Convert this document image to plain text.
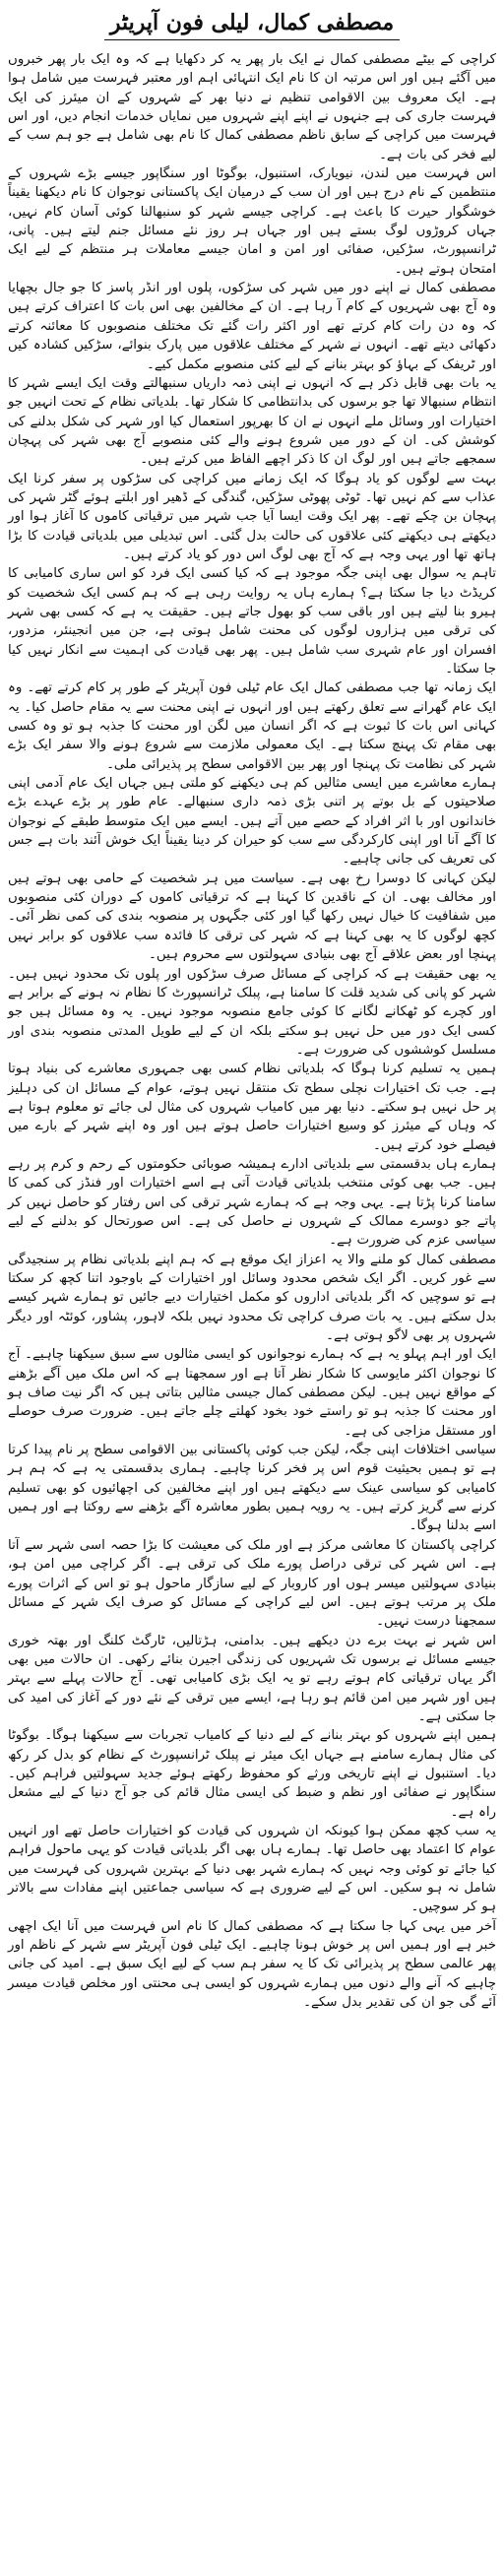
مصطفی کمال، لیلی فون آپریٹر

کراچی کے بیٹے مصطفی کمال نے ایک بار پھر یہ کر دکھایا ہے کہ وہ ایک بار پھر خبروں میں آگئے ہیں اور اس مرتبہ ان کا نام ایک انتہائی اہم اور معتبر فہرست میں شامل ہوا ہے۔ ایک معروف بین الاقوامی تنظیم نے دنیا بھر کے شہروں کے ان میئرز کی ایک فہرست جاری کی ہے جنہوں نے اپنے اپنے شہروں میں نمایاں خدمات انجام دیں، اور اس فہرست میں کراچی کے سابق ناظم مصطفی کمال کا نام بھی شامل ہے جو ہم سب کے لیے فخر کی بات ہے۔

اس فہرست میں لندن، نیویارک، استنبول، بوگوٹا اور سنگاپور جیسے بڑے شہروں کے منتظمین کے نام درج ہیں اور ان سب کے درمیان ایک پاکستانی نوجوان کا نام دیکھنا یقیناً خوشگوار حیرت کا باعث ہے۔ کراچی جیسے شہر کو سنبھالنا کوئی آسان کام نہیں، جہاں کروڑوں لوگ بستے ہیں اور جہاں ہر روز نئے مسائل جنم لیتے ہیں۔ پانی، ٹرانسپورٹ، سڑکیں، صفائی اور امن و امان جیسے معاملات ہر منتظم کے لیے ایک امتحان ہوتے ہیں۔

مصطفی کمال نے اپنے دور میں شہر کی سڑکوں، پلوں اور انڈر پاسز کا جو جال بچھایا وہ آج بھی شہریوں کے کام آ رہا ہے۔ ان کے مخالفین بھی اس بات کا اعتراف کرتے ہیں کہ وہ دن رات کام کرتے تھے اور اکثر رات گئے تک مختلف منصوبوں کا معائنہ کرتے دکھائی دیتے تھے۔ انہوں نے شہر کے مختلف علاقوں میں پارک بنوائے، سڑکیں کشادہ کیں اور ٹریفک کے بہاؤ کو بہتر بنانے کے لیے کئی منصوبے مکمل کیے۔

یہ بات بھی قابل ذکر ہے کہ انہوں نے اپنی ذمہ داریاں سنبھالتے وقت ایک ایسے شہر کا انتظام سنبھالا تھا جو برسوں کی بدانتظامی کا شکار تھا۔ بلدیاتی نظام کے تحت انہیں جو اختیارات اور وسائل ملے انہوں نے ان کا بھرپور استعمال کیا اور شہر کی شکل بدلنے کی کوشش کی۔ ان کے دور میں شروع ہونے والے کئی منصوبے آج بھی شہر کی پہچان سمجھے جاتے ہیں اور لوگ ان کا ذکر اچھے الفاظ میں کرتے ہیں۔

بہت سے لوگوں کو یاد ہوگا کہ ایک زمانے میں کراچی کی سڑکوں پر سفر کرنا ایک عذاب سے کم نہیں تھا۔ ٹوٹی پھوٹی سڑکیں، گندگی کے ڈھیر اور ابلتے ہوئے گٹر شہر کی پہچان بن چکے تھے۔ پھر ایک وقت ایسا آیا جب شہر میں ترقیاتی کاموں کا آغاز ہوا اور دیکھتے ہی دیکھتے کئی علاقوں کی حالت بدل گئی۔ اس تبدیلی میں بلدیاتی قیادت کا بڑا ہاتھ تھا اور یہی وجہ ہے کہ آج بھی لوگ اس دور کو یاد کرتے ہیں۔

تاہم یہ سوال بھی اپنی جگہ موجود ہے کہ کیا کسی ایک فرد کو اس ساری کامیابی کا کریڈٹ دیا جا سکتا ہے؟ ہمارے ہاں یہ روایت رہی ہے کہ ہم کسی ایک شخصیت کو ہیرو بنا لیتے ہیں اور باقی سب کو بھول جاتے ہیں۔ حقیقت یہ ہے کہ کسی بھی شہر کی ترقی میں ہزاروں لوگوں کی محنت شامل ہوتی ہے، جن میں انجینئر، مزدور، افسران اور عام شہری سب شامل ہیں۔ پھر بھی قیادت کی اہمیت سے انکار نہیں کیا جا سکتا۔

ایک زمانہ تھا جب مصطفی کمال ایک عام ٹیلی فون آپریٹر کے طور پر کام کرتے تھے۔ وہ ایک عام گھرانے سے تعلق رکھتے ہیں اور انہوں نے اپنی محنت سے یہ مقام حاصل کیا۔ یہ کہانی اس بات کا ثبوت ہے کہ اگر انسان میں لگن اور محنت کا جذبہ ہو تو وہ کسی بھی مقام تک پہنچ سکتا ہے۔ ایک معمولی ملازمت سے شروع ہونے والا سفر ایک بڑے شہر کی نظامت تک پہنچا اور پھر بین الاقوامی سطح پر پذیرائی ملی۔

ہمارے معاشرے میں ایسی مثالیں کم ہی دیکھنے کو ملتی ہیں جہاں ایک عام آدمی اپنی صلاحیتوں کے بل بوتے پر اتنی بڑی ذمہ داری سنبھالے۔ عام طور پر بڑے عہدے بڑے خاندانوں اور با اثر افراد کے حصے میں آتے ہیں۔ ایسے میں ایک متوسط طبقے کے نوجوان کا آگے آنا اور اپنی کارکردگی سے سب کو حیران کر دینا یقیناً ایک خوش آئند بات ہے جس کی تعریف کی جانی چاہیے۔

لیکن کہانی کا دوسرا رخ بھی ہے۔ سیاست میں ہر شخصیت کے حامی بھی ہوتے ہیں اور مخالف بھی۔ ان کے ناقدین کا کہنا ہے کہ ترقیاتی کاموں کے دوران کئی منصوبوں میں شفافیت کا خیال نہیں رکھا گیا اور کئی جگہوں پر منصوبہ بندی کی کمی نظر آئی۔ کچھ لوگوں کا یہ بھی کہنا ہے کہ شہر کی ترقی کا فائدہ سب علاقوں کو برابر نہیں پہنچا اور بعض علاقے آج بھی بنیادی سہولتوں سے محروم ہیں۔

یہ بھی حقیقت ہے کہ کراچی کے مسائل صرف سڑکوں اور پلوں تک محدود نہیں ہیں۔ شہر کو پانی کی شدید قلت کا سامنا ہے، پبلک ٹرانسپورٹ کا نظام نہ ہونے کے برابر ہے اور کچرے کو ٹھکانے لگانے کا کوئی جامع منصوبہ موجود نہیں۔ یہ وہ مسائل ہیں جو کسی ایک دور میں حل نہیں ہو سکتے بلکہ ان کے لیے طویل المدتی منصوبہ بندی اور مسلسل کوششوں کی ضرورت ہے۔

ہمیں یہ تسلیم کرنا ہوگا کہ بلدیاتی نظام کسی بھی جمہوری معاشرے کی بنیاد ہوتا ہے۔ جب تک اختیارات نچلی سطح تک منتقل نہیں ہوتے، عوام کے مسائل ان کی دہلیز پر حل نہیں ہو سکتے۔ دنیا بھر میں کامیاب شہروں کی مثال لی جائے تو معلوم ہوتا ہے کہ وہاں کے میئرز کو وسیع اختیارات حاصل ہوتے ہیں اور وہ اپنے شہر کے بارے میں فیصلے خود کرتے ہیں۔

ہمارے ہاں بدقسمتی سے بلدیاتی ادارے ہمیشہ صوبائی حکومتوں کے رحم و کرم پر رہے ہیں۔ جب بھی کوئی منتخب بلدیاتی قیادت آتی ہے اسے اختیارات اور فنڈز کی کمی کا سامنا کرنا پڑتا ہے۔ یہی وجہ ہے کہ ہمارے شہر ترقی کی اس رفتار کو حاصل نہیں کر پاتے جو دوسرے ممالک کے شہروں نے حاصل کی ہے۔ اس صورتحال کو بدلنے کے لیے سیاسی عزم کی ضرورت ہے۔

مصطفی کمال کو ملنے والا یہ اعزاز ایک موقع ہے کہ ہم اپنے بلدیاتی نظام پر سنجیدگی سے غور کریں۔ اگر ایک شخص محدود وسائل اور اختیارات کے باوجود اتنا کچھ کر سکتا ہے تو سوچیں کہ اگر بلدیاتی اداروں کو مکمل اختیارات دیے جائیں تو ہمارے شہر کیسے بدل سکتے ہیں۔ یہ بات صرف کراچی تک محدود نہیں بلکہ لاہور، پشاور، کوئٹہ اور دیگر شہروں پر بھی لاگو ہوتی ہے۔

ایک اور اہم پہلو یہ ہے کہ ہمارے نوجوانوں کو ایسی مثالوں سے سبق سیکھنا چاہیے۔ آج کا نوجوان اکثر مایوسی کا شکار نظر آتا ہے اور سمجھتا ہے کہ اس ملک میں آگے بڑھنے کے مواقع نہیں ہیں۔ لیکن مصطفی کمال جیسی مثالیں بتاتی ہیں کہ اگر نیت صاف ہو اور محنت کا جذبہ ہو تو راستے خود بخود کھلتے چلے جاتے ہیں۔ ضرورت صرف حوصلے اور مستقل مزاجی کی ہے۔

سیاسی اختلافات اپنی جگہ، لیکن جب کوئی پاکستانی بین الاقوامی سطح پر نام پیدا کرتا ہے تو ہمیں بحیثیت قوم اس پر فخر کرنا چاہیے۔ ہماری بدقسمتی یہ ہے کہ ہم ہر کامیابی کو سیاسی عینک سے دیکھتے ہیں اور اپنے مخالفین کی اچھائیوں کو بھی تسلیم کرنے سے گریز کرتے ہیں۔ یہ رویہ ہمیں بطور معاشرہ آگے بڑھنے سے روکتا ہے اور ہمیں اسے بدلنا ہوگا۔

کراچی پاکستان کا معاشی مرکز ہے اور ملک کی معیشت کا بڑا حصہ اسی شہر سے آتا ہے۔ اس شہر کی ترقی دراصل پورے ملک کی ترقی ہے۔ اگر کراچی میں امن ہو، بنیادی سہولتیں میسر ہوں اور کاروبار کے لیے سازگار ماحول ہو تو اس کے اثرات پورے ملک پر مرتب ہوتے ہیں۔ اس لیے کراچی کے مسائل کو صرف ایک شہر کے مسائل سمجھنا درست نہیں۔

اس شہر نے بہت برے دن دیکھے ہیں۔ بدامنی، ہڑتالیں، ٹارگٹ کلنگ اور بھتہ خوری جیسے مسائل نے برسوں تک شہریوں کی زندگی اجیرن بنائے رکھی۔ ان حالات میں بھی اگر یہاں ترقیاتی کام ہوتے رہے تو یہ ایک بڑی کامیابی تھی۔ آج حالات پہلے سے بہتر ہیں اور شہر میں امن قائم ہو رہا ہے، ایسے میں ترقی کے نئے دور کے آغاز کی امید کی جا سکتی ہے۔

ہمیں اپنے شہروں کو بہتر بنانے کے لیے دنیا کے کامیاب تجربات سے سیکھنا ہوگا۔ بوگوٹا کی مثال ہمارے سامنے ہے جہاں ایک میئر نے پبلک ٹرانسپورٹ کے نظام کو بدل کر رکھ دیا۔ استنبول نے اپنے تاریخی ورثے کو محفوظ رکھتے ہوئے جدید سہولتیں فراہم کیں۔ سنگاپور نے صفائی اور نظم و ضبط کی ایسی مثال قائم کی جو آج دنیا کے لیے مشعل راہ ہے۔

یہ سب کچھ ممکن ہوا کیونکہ ان شہروں کی قیادت کو اختیارات حاصل تھے اور انہیں عوام کا اعتماد بھی حاصل تھا۔ ہمارے ہاں بھی اگر بلدیاتی قیادت کو یہی ماحول فراہم کیا جائے تو کوئی وجہ نہیں کہ ہمارے شہر بھی دنیا کے بہترین شہروں کی فہرست میں شامل نہ ہو سکیں۔ اس کے لیے ضروری ہے کہ سیاسی جماعتیں اپنے مفادات سے بالاتر ہو کر سوچیں۔

آخر میں یہی کہا جا سکتا ہے کہ مصطفی کمال کا نام اس فہرست میں آنا ایک اچھی خبر ہے اور ہمیں اس پر خوش ہونا چاہیے۔ ایک ٹیلی فون آپریٹر سے شہر کے ناظم اور پھر عالمی سطح پر پذیرائی تک کا یہ سفر ہم سب کے لیے ایک سبق ہے۔ امید کی جانی چاہیے کہ آنے والے دنوں میں ہمارے شہروں کو ایسی ہی محنتی اور مخلص قیادت میسر آئے گی جو ان کی تقدیر بدل سکے۔
